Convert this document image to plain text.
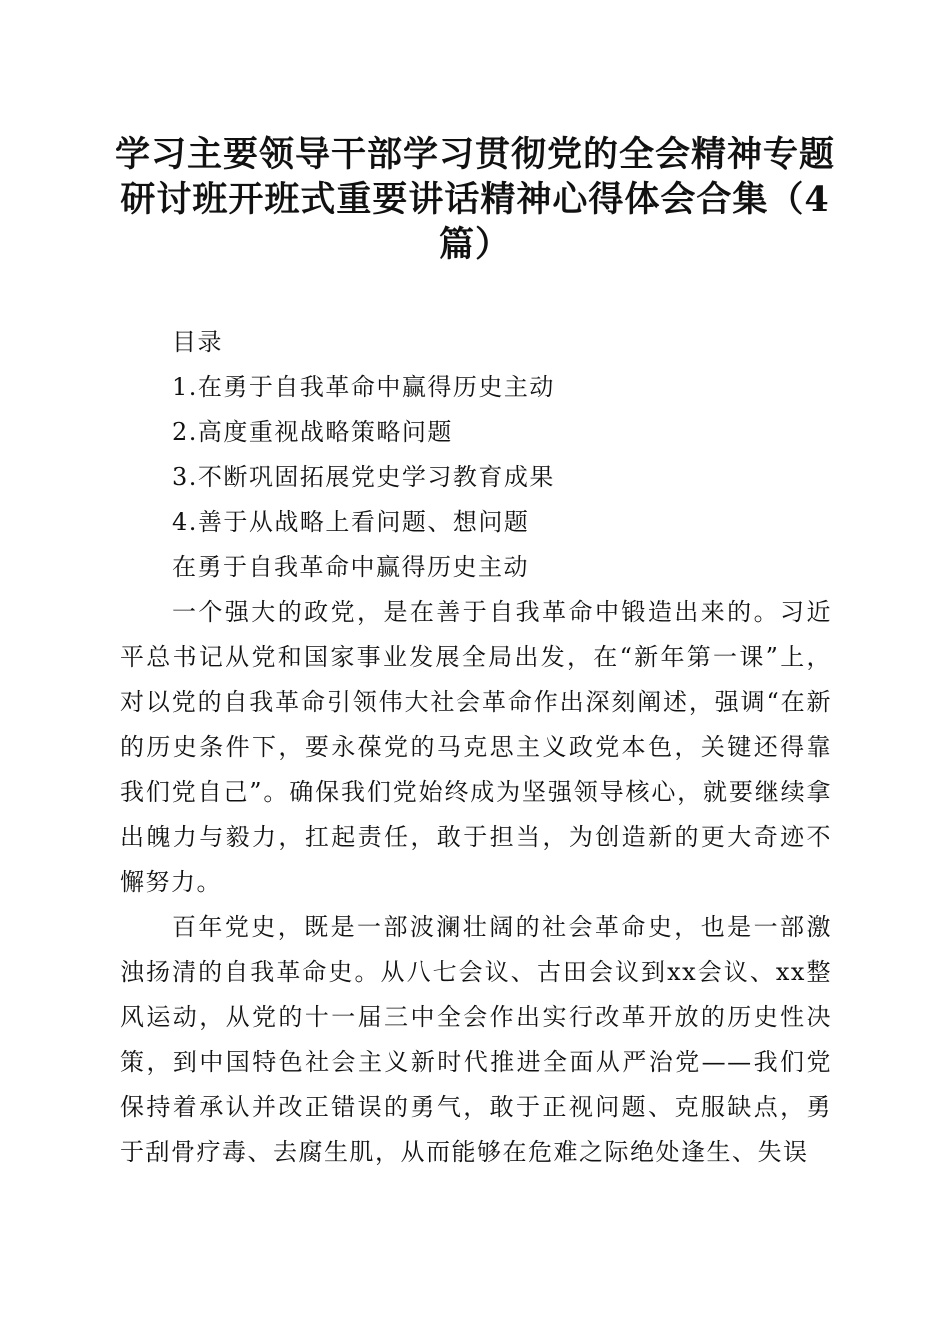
学习主要领导干部学习贯彻党的全会精神专题研讨班开班式重要讲话精神心得体会合集（4篇）

目录

1.在勇于自我革命中赢得历史主动

2.高度重视战略策略问题

3.不断巩固拓展党史学习教育成果

4.善于从战略上看问题、想问题

在勇于自我革命中赢得历史主动

一个强大的政党，是在善于自我革命中锻造出来的。习近平总书记从党和国家事业发展全局出发，在“新年第一课”上，对以党的自我革命引领伟大社会革命作出深刻阐述，强调“在新的历史条件下，要永葆党的马克思主义政党本色，关键还得靠我们党自己”。确保我们党始终成为坚强领导核心，就要继续拿出魄力与毅力，扛起责任，敢于担当，为创造新的更大奇迹不懈努力。

百年党史，既是一部波澜壮阔的社会革命史，也是一部激浊扬清的自我革命史。从八七会议、古田会议到xx会议、xx整风运动，从党的十一届三中全会作出实行改革开放的历史性决策，到中国特色社会主义新时代推进全面从严治党——我们党保持着承认并改正错误的勇气，敢于正视问题、克服缺点，勇于刮骨疗毒、去腐生肌，从而能够在危难之际绝处逢生、失误
